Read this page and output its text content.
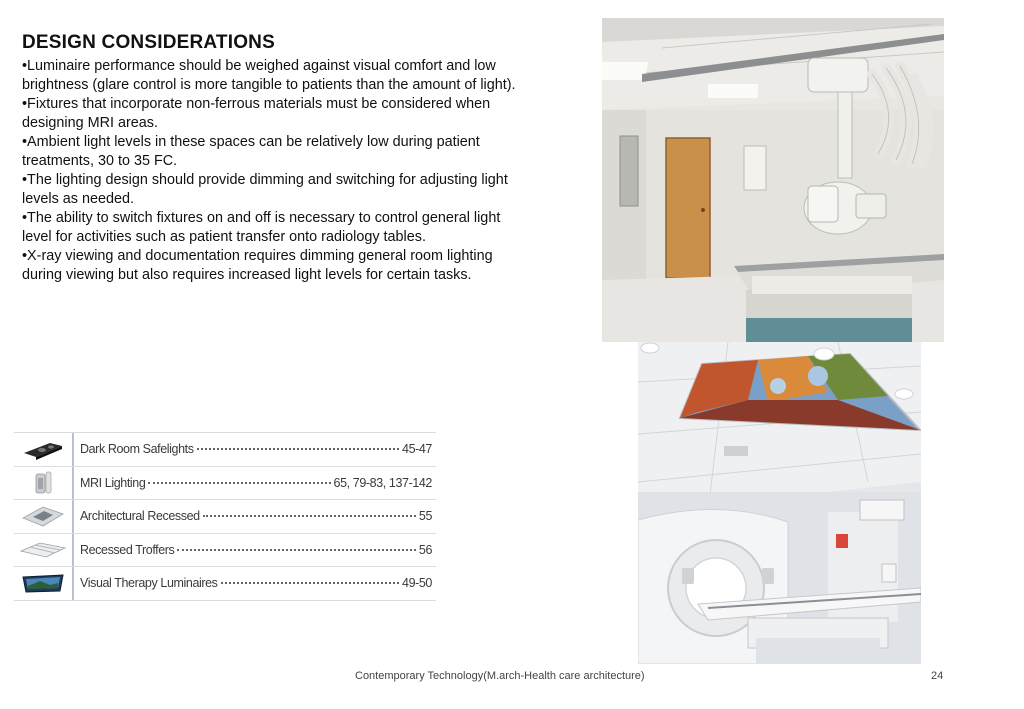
DESIGN CONSIDERATIONS
• Luminaire performance should be weighed against visual comfort and low brightness (glare control is more tangible to patients than the amount of light).
• Fixtures that incorporate non-ferrous materials must be considered when designing MRI areas.
• Ambient light levels in these spaces can be relatively low during patient treatments, 30 to 35 FC.
• The lighting design should provide dimming and switching for adjusting light levels as needed.
• The ability to switch fixtures on and off is necessary to control general light level for activities such as patient transfer onto radiology tables.
• X-ray viewing and documentation requires dimming general room lighting during viewing but also requires increased light levels for certain tasks.
Dark Room Safelights	45-47
MRI Lighting	65, 79-83, 137-142
Architectural Recessed	55
Recessed Troffers	56
Visual Therapy Luminaires	49-50
Contemporary Technology(M.arch-Health care architecture)	24
